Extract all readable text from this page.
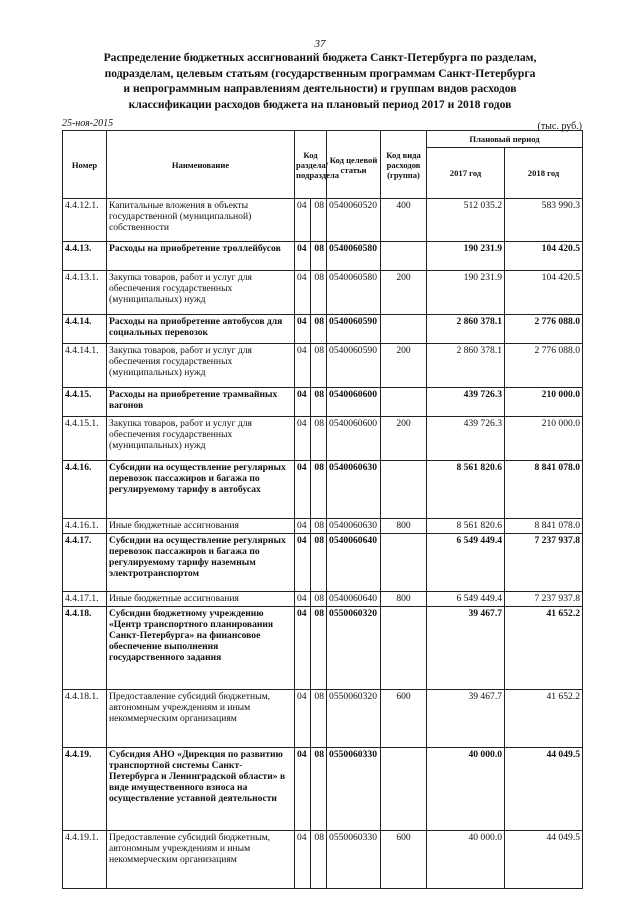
37
Распределение бюджетных ассигнований бюджета Санкт-Петербурга по разделам,
подразделам, целевым статьям (государственным программам Санкт-Петербурга
и непрограммным направлениям деятельности) и группам видов расходов
классификации расходов бюджета на плановый период 2017 и 2018 годов
25-ноя-2015	(тыс. руб.)
Номер	Наименование	Код раздела/ подраздела		Код целевой статьи	Код вида расходов (группа)	Плановый период	
						2017 год	2018 год
4.4.12.1.	Капитальные вложения в объекты государственной (муниципальной) собственности	04	08	0540060520	400	512 035.2	583 990.3
4.4.13.	Расходы на приобретение троллейбусов	04	08	0540060580		190 231.9	104 420.5
4.4.13.1.	Закупка товаров, работ и услуг для обеспечения государственных (муниципальных) нужд	04	08	0540060580	200	190 231.9	104 420.5
4.4.14.	Расходы на приобретение автобусов для социальных перевозок	04	08	0540060590		2 860 378.1	2 776 088.0
4.4.14.1.	Закупка товаров, работ и услуг для обеспечения государственных (муниципальных) нужд	04	08	0540060590	200	2 860 378.1	2 776 088.0
4.4.15.	Расходы на приобретение трамвайных вагонов	04	08	0540060600		439 726.3	210 000.0
4.4.15.1.	Закупка товаров, работ и услуг для обеспечения государственных (муниципальных) нужд	04	08	0540060600	200	439 726.3	210 000.0
4.4.16.	Субсидии на осуществление регулярных перевозок пассажиров и багажа по регулируемому тарифу в автобусах	04	08	0540060630		8 561 820.6	8 841 078.0
4.4.16.1.	Иные бюджетные ассигнования	04	08	0540060630	800	8 561 820.6	8 841 078.0
4.4.17.	Субсидии на осуществление регулярных перевозок пассажиров и багажа по регулируемому тарифу наземным электротранспортом	04	08	0540060640		6 549 449.4	7 237 937.8
4.4.17.1.	Иные бюджетные ассигнования	04	08	0540060640	800	6 549 449.4	7 237 937.8
4.4.18.	Субсидии бюджетному учреждению «Центр транспортного планирования Санкт-Петербурга» на финансовое обеспечение выполнения государственного задания	04	08	0550060320		39 467.7	41 652.2
4.4.18.1.	Предоставление субсидий бюджетным, автономным учреждениям и иным некоммерческим организациям	04	08	0550060320	600	39 467.7	41 652.2
4.4.19.	Субсидия АНО «Дирекция по развитию транспортной системы Санкт-Петербурга и Ленинградской области» в виде имущественного взноса на осуществление уставной деятельности	04	08	0550060330		40 000.0	44 049.5
4.4.19.1.	Предоставление субсидий бюджетным, автономным учреждениям и иным некоммерческим организациям	04	08	0550060330	600	40 000.0	44 049.5
